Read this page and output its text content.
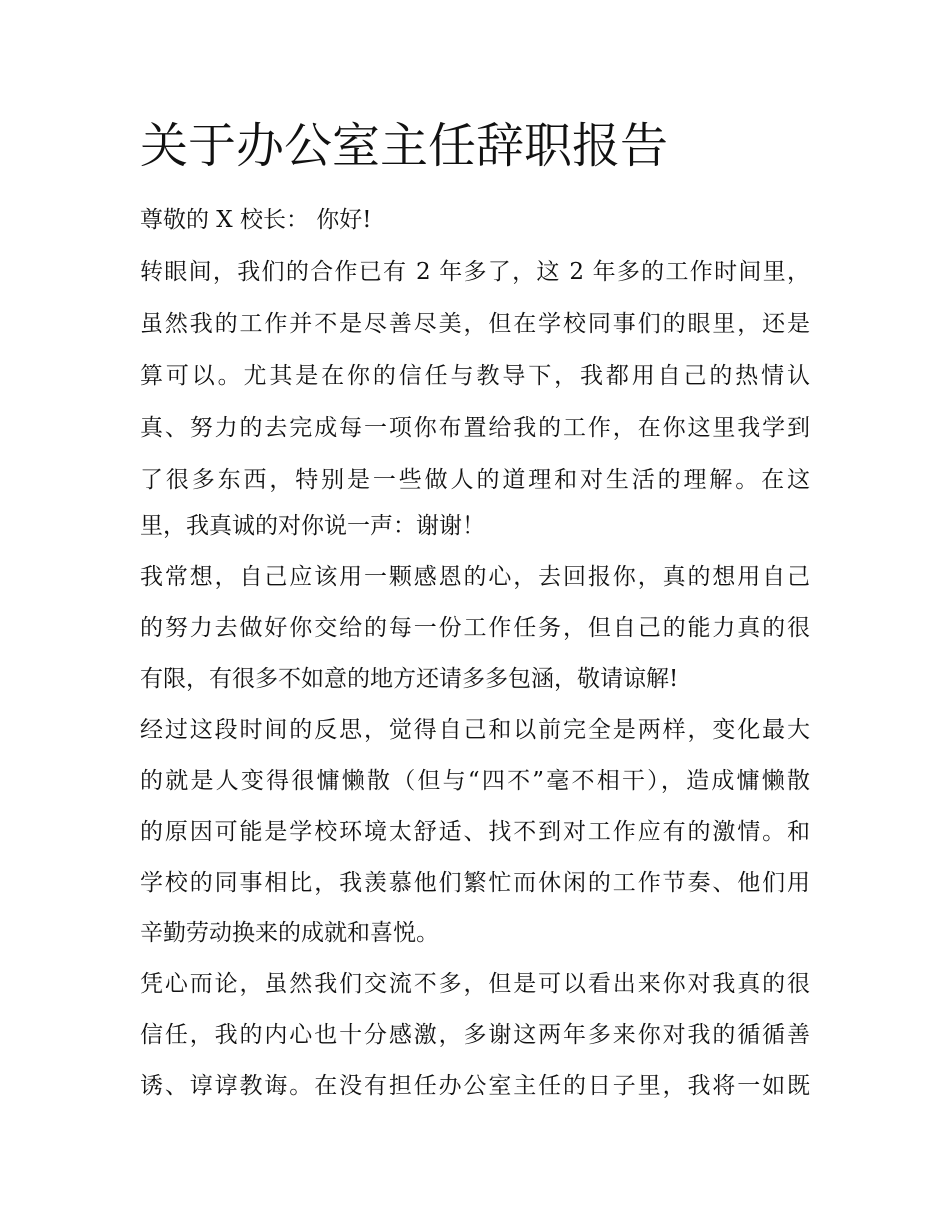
关于办公室主任辞职报告
尊敬的 X 校长： 你好!
转眼间，我们的合作已有 2 年多了，这 2 年多的工作时间里，
虽然我的工作并不是尽善尽美，但在学校同事们的眼里，还是
算可以。尤其是在你的信任与教导下，我都用自己的热情认
真、努力的去完成每一项你布置给我的工作，在你这里我学到
了很多东西，特别是一些做人的道理和对生活的理解。在这
里，我真诚的对你说一声：谢谢！
我常想，自己应该用一颗感恩的心，去回报你，真的想用自己
的努力去做好你交给的每一份工作任务，但自己的能力真的很
有限，有很多不如意的地方还请多多包涵，敬请谅解!
经过这段时间的反思，觉得自己和以前完全是两样，变化最大
的就是人变得很慵懒散（但与“四不”毫不相干），造成慵懒散
的原因可能是学校环境太舒适、找不到对工作应有的激情。和
学校的同事相比，我羡慕他们繁忙而休闲的工作节奏、他们用
辛勤劳动换来的成就和喜悦。
凭心而论，虽然我们交流不多，但是可以看出来你对我真的很
信任，我的内心也十分感激，多谢这两年多来你对我的循循善
诱、谆谆教诲。在没有担任办公室主任的日子里，我将一如既
